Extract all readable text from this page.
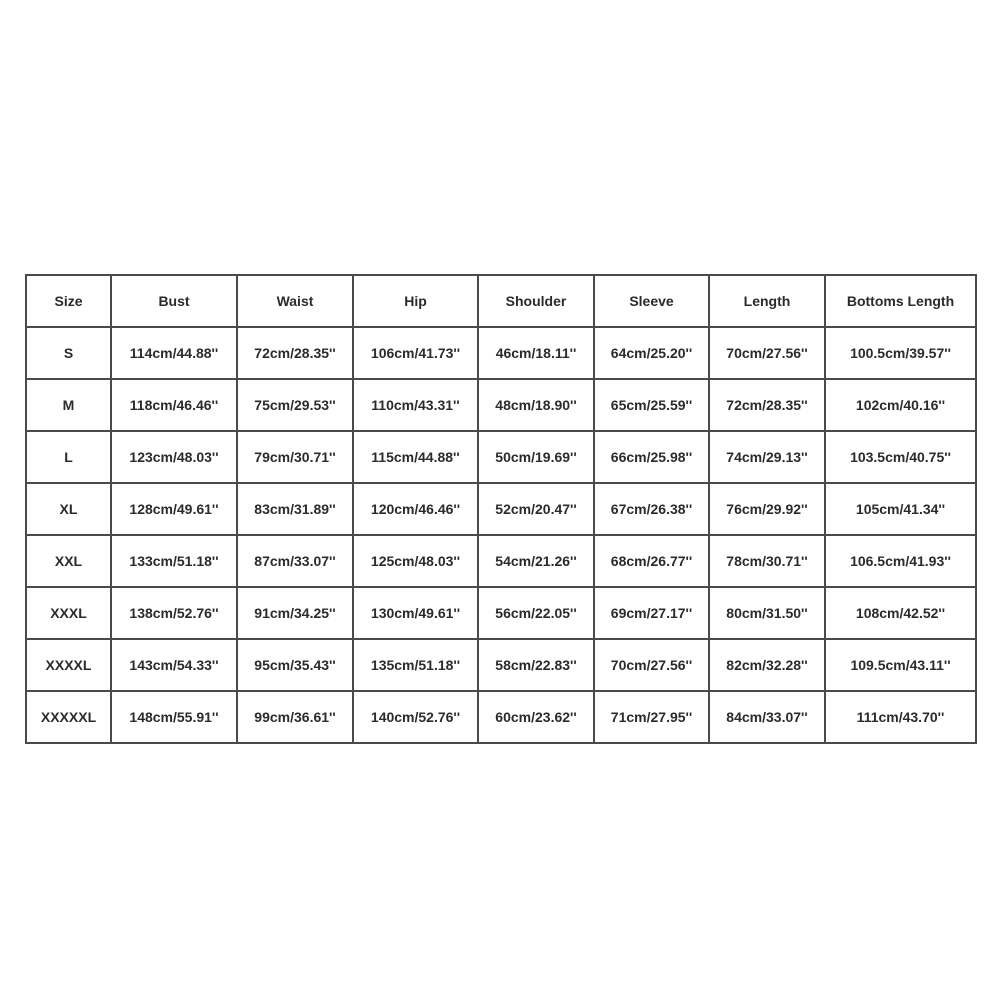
Size	Bust	Waist	Hip	Shoulder	Sleeve	Length	Bottoms Length
S	114cm/44.88''	72cm/28.35''	106cm/41.73''	46cm/18.11''	64cm/25.20''	70cm/27.56''	100.5cm/39.57''
M	118cm/46.46''	75cm/29.53''	110cm/43.31''	48cm/18.90''	65cm/25.59''	72cm/28.35''	102cm/40.16''
L	123cm/48.03''	79cm/30.71''	115cm/44.88''	50cm/19.69''	66cm/25.98''	74cm/29.13''	103.5cm/40.75''
XL	128cm/49.61''	83cm/31.89''	120cm/46.46''	52cm/20.47''	67cm/26.38''	76cm/29.92''	105cm/41.34''
XXL	133cm/51.18''	87cm/33.07''	125cm/48.03''	54cm/21.26''	68cm/26.77''	78cm/30.71''	106.5cm/41.93''
XXXL	138cm/52.76''	91cm/34.25''	130cm/49.61''	56cm/22.05''	69cm/27.17''	80cm/31.50''	108cm/42.52''
XXXXL	143cm/54.33''	95cm/35.43''	135cm/51.18''	58cm/22.83''	70cm/27.56''	82cm/32.28''	109.5cm/43.11''
XXXXXL	148cm/55.91''	99cm/36.61''	140cm/52.76''	60cm/23.62''	71cm/27.95''	84cm/33.07''	111cm/43.70''
